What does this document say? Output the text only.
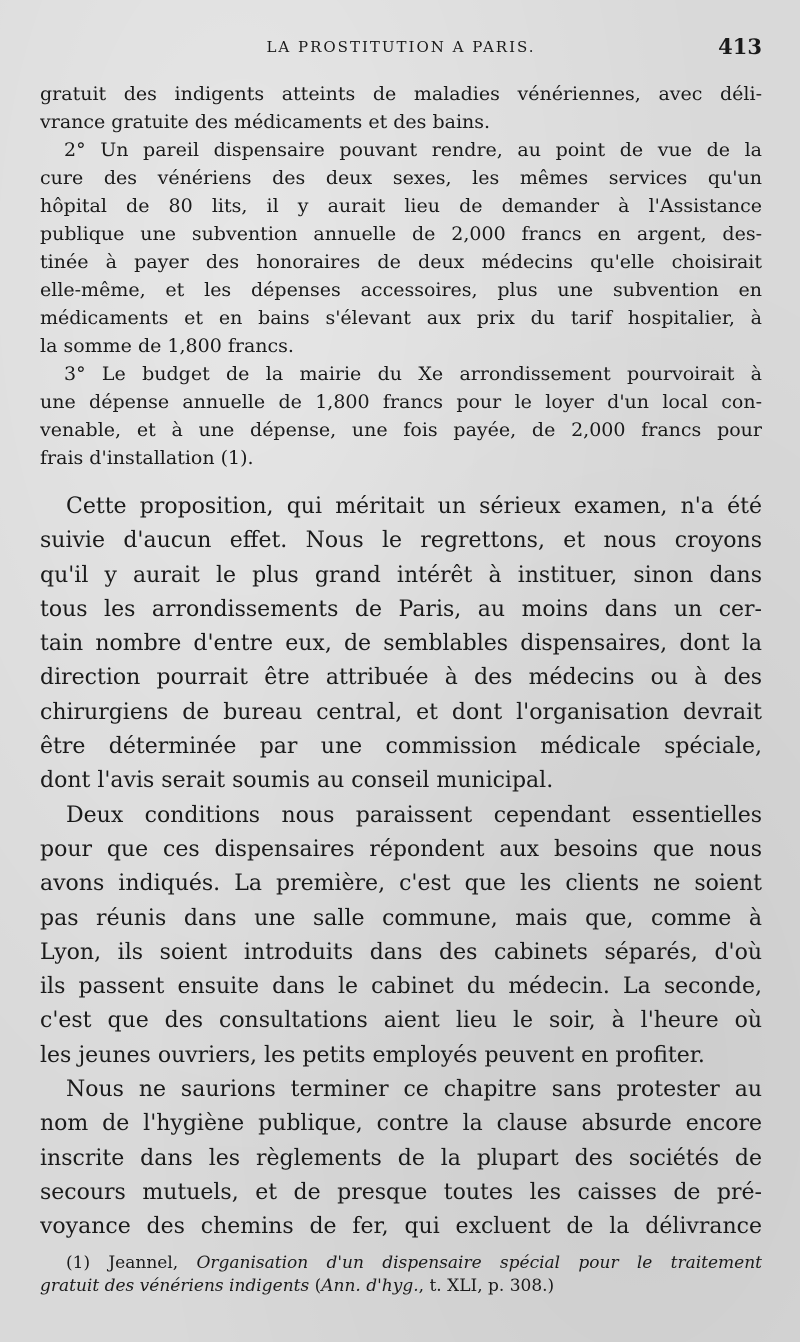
LA PROSTITUTION A PARIS.	413
gratuit des indigents atteints de maladies vénériennes, avec déli-
vrance gratuite des médicaments et des bains.
2° Un pareil dispensaire pouvant rendre, au point de vue de la
cure des vénériens des deux sexes, les mêmes services qu'un
hôpital de 80 lits, il y aurait lieu de demander à l'Assistance
publique une subvention annuelle de 2,000 francs en argent, des-
tinée à payer des honoraires de deux médecins qu'elle choisirait
elle-même, et les dépenses accessoires, plus une subvention en
médicaments et en bains s'élevant aux prix du tarif hospitalier, à
la somme de 1,800 francs.
3° Le budget de la mairie du Xe arrondissement pourvoirait à
une dépense annuelle de 1,800 francs pour le loyer d'un local con-
venable, et à une dépense, une fois payée, de 2,000 francs pour
frais d'installation (1).
Cette proposition, qui méritait un sérieux examen, n'a été
suivie d'aucun effet. Nous le regrettons, et nous croyons
qu'il y aurait le plus grand intérêt à instituer, sinon dans
tous les arrondissements de Paris, au moins dans un cer-
tain nombre d'entre eux, de semblables dispensaires, dont la
direction pourrait être attribuée à des médecins ou à des
chirurgiens de bureau central, et dont l'organisation devrait
être déterminée par une commission médicale spéciale,
dont l'avis serait soumis au conseil municipal.
Deux conditions nous paraissent cependant essentielles
pour que ces dispensaires répondent aux besoins que nous
avons indiqués. La première, c'est que les clients ne soient
pas réunis dans une salle commune, mais que, comme à
Lyon, ils soient introduits dans des cabinets séparés, d'où
ils passent ensuite dans le cabinet du médecin. La seconde,
c'est que des consultations aient lieu le soir, à l'heure où
les jeunes ouvriers, les petits employés peuvent en profiter.
Nous ne saurions terminer ce chapitre sans protester au
nom de l'hygiène publique, contre la clause absurde encore
inscrite dans les règlements de la plupart des sociétés de
secours mutuels, et de presque toutes les caisses de pré-
voyance des chemins de fer, qui excluent de la délivrance
(1) Jeannel, Organisation d'un dispensaire spécial pour le traitement
gratuit des vénériens indigents (Ann. d'hyg., t. XLI, p. 308.)
